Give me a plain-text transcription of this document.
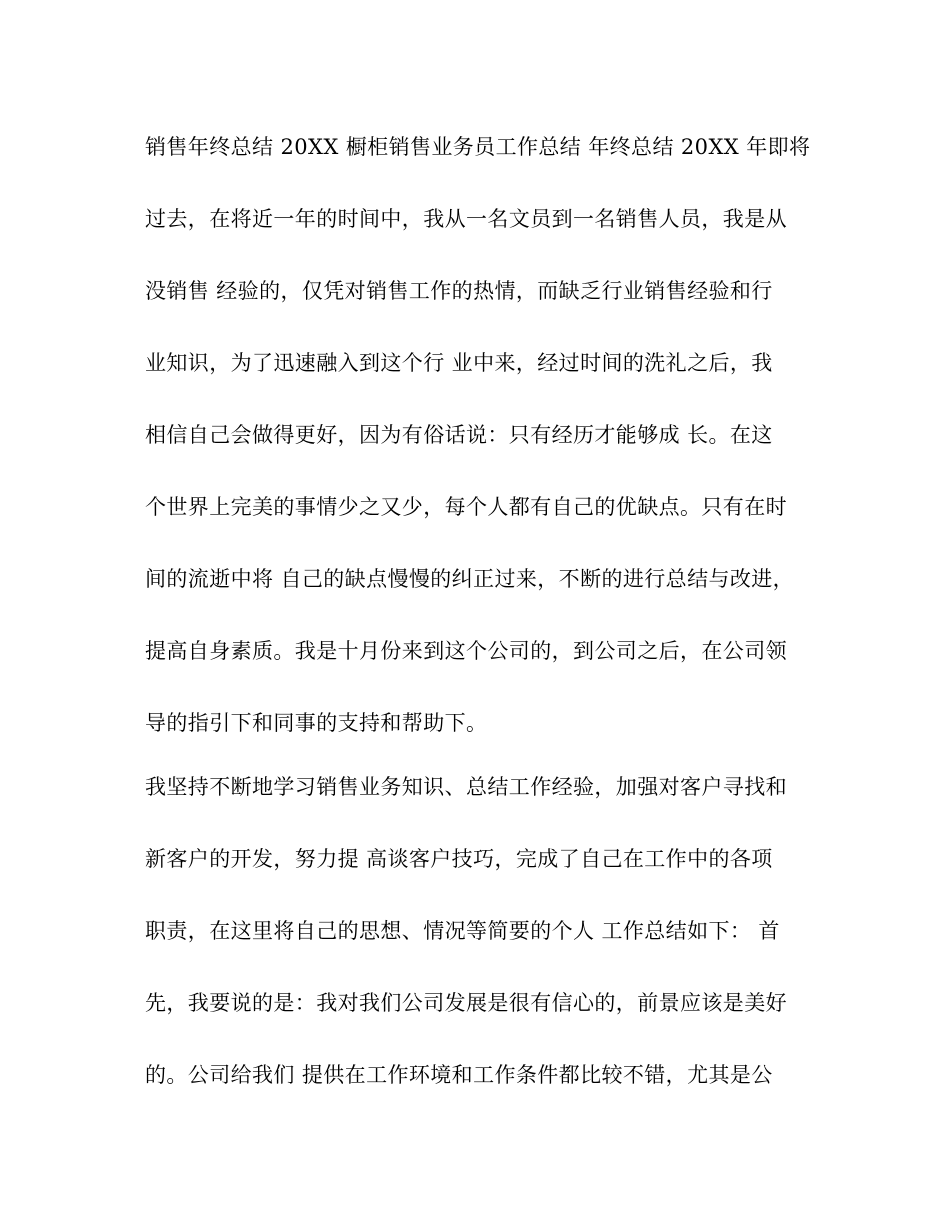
销售年终总结 20XX 橱柜销售业务员工作总结 年终总结 20XX 年即将
过去，在将近一年的时间中，我从一名文员到一名销售人员，我是从
没销售 经验的，仅凭对销售工作的热情，而缺乏行业销售经验和行
业知识，为了迅速融入到这个行 业中来，经过时间的洗礼之后，我
相信自己会做得更好，因为有俗话说：只有经历才能够成 长。在这
个世界上完美的事情少之又少，每个人都有自己的优缺点。只有在时
间的流逝中将 自己的缺点慢慢的纠正过来，不断的进行总结与改进，
提高自身素质。我是十月份来到这个公司的，到公司之后，在公司领
导的指引下和同事的支持和帮助下。
我坚持不断地学习销售业务知识、总结工作经验，加强对客户寻找和
新客户的开发，努力提 高谈客户技巧，完成了自己在工作中的各项
职责，在这里将自己的思想、情况等简要的个人 工作总结如下： 首
先，我要说的是：我对我们公司发展是很有信心的，前景应该是美好
的。公司给我们 提供在工作环境和工作条件都比较不错，尤其是公
